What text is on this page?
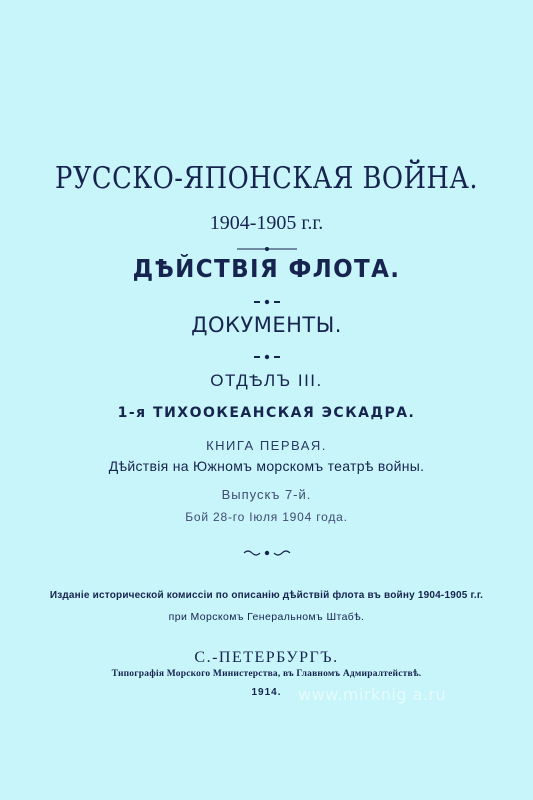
РУССКО-ЯПОНСКАЯ ВОЙНА.
1904-1905 г.г.
ДѢЙСТВІЯ ФЛОТА.
ДОКУМЕНТЫ.
ОТДѢЛЪ III.
1-я ТИХООКЕАНСКАЯ ЭСКАДРА.
КНИГА ПЕРВАЯ.
Дѣйствія на Южномъ морскомъ театрѣ войны.
Выпускъ 7-й.
Бой 28-го Іюля 1904 года.
Изданіе исторической комиссіи по описанію дѣйствій флота въ войну 1904-1905 г.г.
при Морскомъ Генеральномъ Штабѣ.
С.-ПЕТЕРБУРГЪ.
Типографія Морского Министерства, въ Главномъ Адмиралтействѣ.
1914.	www.mirknig a.ru
